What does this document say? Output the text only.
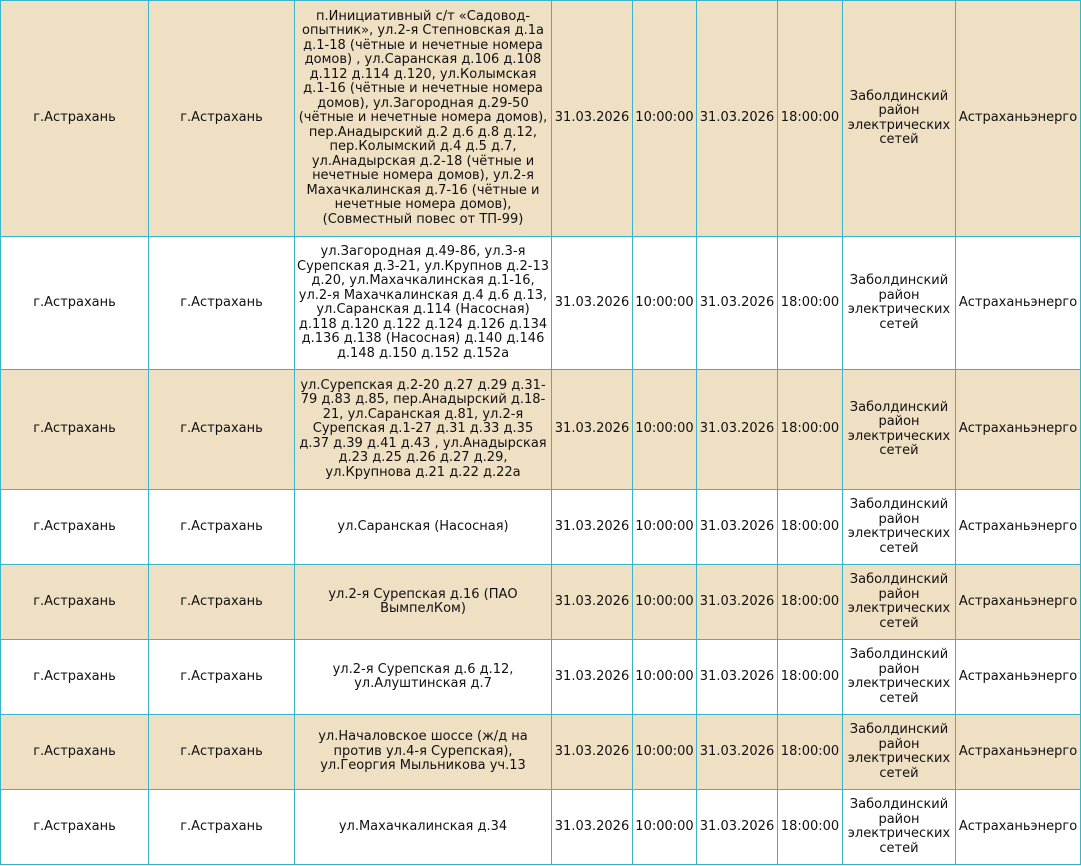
г.Астрахань	г.Астрахань	п.Инициативный с/т «Садовод-опытник», ул.2-я Степновская д.1а д.1-18 (чётные и нечетные номера домов) , ул.Саранская д.106 д.108 д.112 д.114 д.120, ул.Колымская д.1-16 (чётные и нечетные номера домов), ул.Загородная д.29-50 (чётные и нечетные номера домов), пер.Анадырский д.2 д.6 д.8 д.12, пер.Колымский д.4 д.5 д.7, ул.Анадырская д.2-18 (чётные и нечетные номера домов), ул.2-я Махачкалинская д.7-16 (чётные и нечетные номера домов), (Совместный повес от ТП-99)	31.03.2026	10:00:00	31.03.2026	18:00:00	Заболдинский район электрических сетей	Астраханьэнерго
г.Астрахань	г.Астрахань	ул.Загородная д.49-86, ул.3-я Сурепская д.3-21, ул.Крупнов д.2-13 д.20, ул.Махачкалинская д.1-16, ул.2-я Махачкалинская д.4 д.6 д.13, ул.Саранская д.114 (Насосная) д.118 д.120 д.122 д.124 д.126 д.134 д.136 д.138 (Насосная) д.140 д.146 д.148 д.150 д.152 д.152а	31.03.2026	10:00:00	31.03.2026	18:00:00	Заболдинский район электрических сетей	Астраханьэнерго
г.Астрахань	г.Астрахань	ул.Сурепская д.2-20 д.27 д.29 д.31-79 д.83 д.85, пер.Анадырский д.18-21, ул.Саранская д.81, ул.2-я Сурепская д.1-27 д.31 д.33 д.35 д.37 д.39 д.41 д.43 , ул.Анадырская д.23 д.25 д.26 д.27 д.29, ул.Крупнова д.21 д.22 д.22а	31.03.2026	10:00:00	31.03.2026	18:00:00	Заболдинский район электрических сетей	Астраханьэнерго
г.Астрахань	г.Астрахань	ул.Саранская (Насосная)	31.03.2026	10:00:00	31.03.2026	18:00:00	Заболдинский район электрических сетей	Астраханьэнерго
г.Астрахань	г.Астрахань	ул.2-я Сурепская д.16 (ПАО ВымпелКом)	31.03.2026	10:00:00	31.03.2026	18:00:00	Заболдинский район электрических сетей	Астраханьэнерго
г.Астрахань	г.Астрахань	ул.2-я Сурепская д.6 д.12, ул.Алуштинская д.7	31.03.2026	10:00:00	31.03.2026	18:00:00	Заболдинский район электрических сетей	Астраханьэнерго
г.Астрахань	г.Астрахань	ул.Началовское шоссе (ж/д на против ул.4-я Сурепская), ул.Георгия Мыльникова уч.13	31.03.2026	10:00:00	31.03.2026	18:00:00	Заболдинский район электрических сетей	Астраханьэнерго
г.Астрахань	г.Астрахань	ул.Махачкалинская д.34	31.03.2026	10:00:00	31.03.2026	18:00:00	Заболдинский район электрических сетей	Астраханьэнерго
